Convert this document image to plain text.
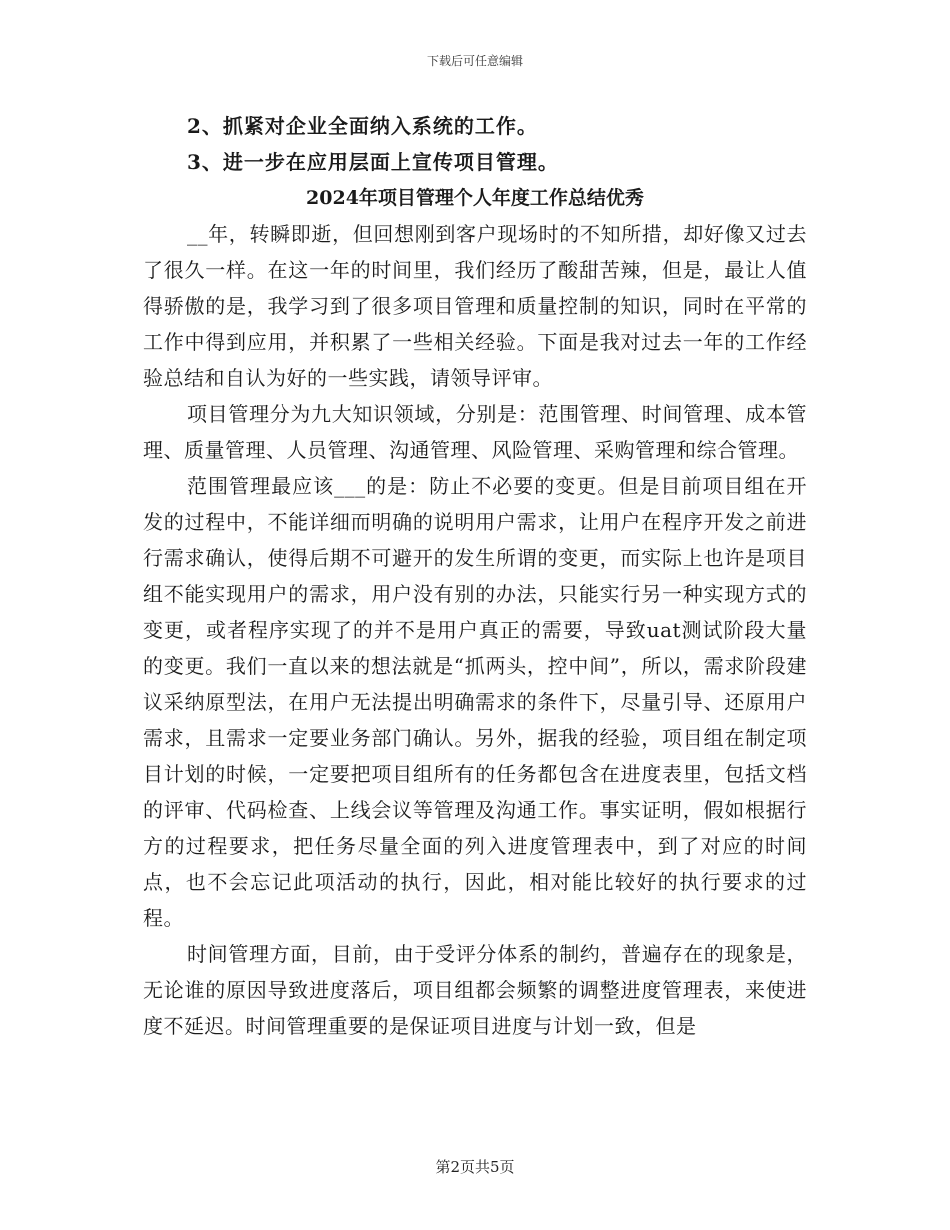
下载后可任意编辑
2、抓紧对企业全面纳入系统的工作。
3、进一步在应用层面上宣传项目管理。
2024年项目管理个人年度工作总结优秀

__年，转瞬即逝，但回想刚到客户现场时的不知所措，却好像又过去了很久一样。在这一年的时间里，我们经历了酸甜苦辣，但是，最让人值得骄傲的是，我学习到了很多项目管理和质量控制的知识，同时在平常的工作中得到应用，并积累了一些相关经验。下面是我对过去一年的工作经验总结和自认为好的一些实践，请领导评审。

项目管理分为九大知识领域，分别是：范围管理、时间管理、成本管理、质量管理、人员管理、沟通管理、风险管理、采购管理和综合管理。

范围管理最应该___的是：防止不必要的变更。但是目前项目组在开发的过程中，不能详细而明确的说明用户需求，让用户在程序开发之前进行需求确认，使得后期不可避开的发生所谓的变更，而实际上也许是项目组不能实现用户的需求，用户没有别的办法，只能实行另一种实现方式的变更，或者程序实现了的并不是用户真正的需要，导致uat测试阶段大量的变更。我们一直以来的想法就是“抓两头，控中间”，所以，需求阶段建议采纳原型法，在用户无法提出明确需求的条件下，尽量引导、还原用户需求，且需求一定要业务部门确认。另外，据我的经验，项目组在制定项目计划的时候，一定要把项目组所有的任务都包含在进度表里，包括文档的评审、代码检查、上线会议等管理及沟通工作。事实证明，假如根据行方的过程要求，把任务尽量全面的列入进度管理表中，到了对应的时间点，也不会忘记此项活动的执行，因此，相对能比较好的执行要求的过程。

时间管理方面，目前，由于受评分体系的制约，普遍存在的现象是，无论谁的原因导致进度落后，项目组都会频繁的调整进度管理表，来使进度不延迟。时间管理重要的是保证项目进度与计划一致，但是

第2页共5页
